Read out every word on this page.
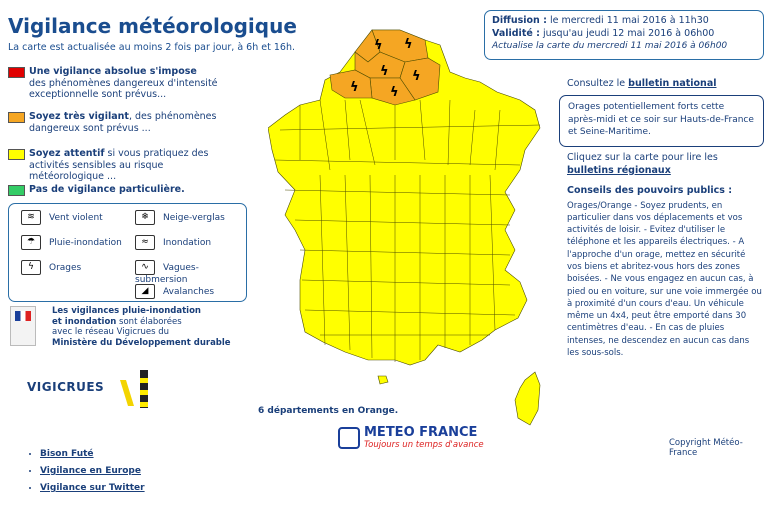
Vigilance météorologique
La carte est actualisée au moins 2 fois par jour, à 6h et 16h.
Une vigilance absolue s'impose
des phénomènes dangereux d'intensité exceptionnelle sont prévus...
Soyez très vigilant, des phénomènes dangereux sont prévus ...
Soyez attentif si vous pratiquez des activités sensibles au risque météorologique ...
Pas de vigilance particulière.
≋ Vent violent	❄ Neige-verglas
☂ Pluie-inondation	≈ Inondation
ϟ Orages	∿ Vagues-submersion
◢ Avalanches
Les vigilances pluie-inondation
et inondation sont élaborées
avec le réseau Vigicrues du
Ministère du Développement durable
VIGICRUES
ϟ ϟ
ϟ ϟ
ϟ ϟ
6 départements en Orange.
METEO FRANCE
Toujours un temps d'avance
Diffusion : le mercredi 11 mai 2016 à 11h30
Validité : jusqu'au jeudi 12 mai 2016 à 06h00
Actualise la carte du mercredi 11 mai 2016 à 06h00
Consultez le bulletin national
Orages potentiellement forts cette après-midi et ce soir sur Hauts-de-France et Seine-Maritime.
Cliquez sur la carte pour lire les bulletins régionaux
Conseils des pouvoirs publics :
Orages/Orange - Soyez prudents, en particulier dans vos déplacements et vos activités de loisir. - Evitez d'utiliser le téléphone et les appareils électriques. - A l'approche d'un orage, mettez en sécurité vos biens et abritez-vous hors des zones boisées. - Ne vous engagez en aucun cas, à pied ou en voiture, sur une voie immergée ou à proximité d'un cours d'eau. Un véhicule même un 4x4, peut être emporté dans 30 centimètres d'eau. - En cas de pluies intenses, ne descendez en aucun cas dans les sous-sols.
Copyright Météo-France
• Bison Futé
• Vigilance en Europe
• Vigilance sur Twitter
